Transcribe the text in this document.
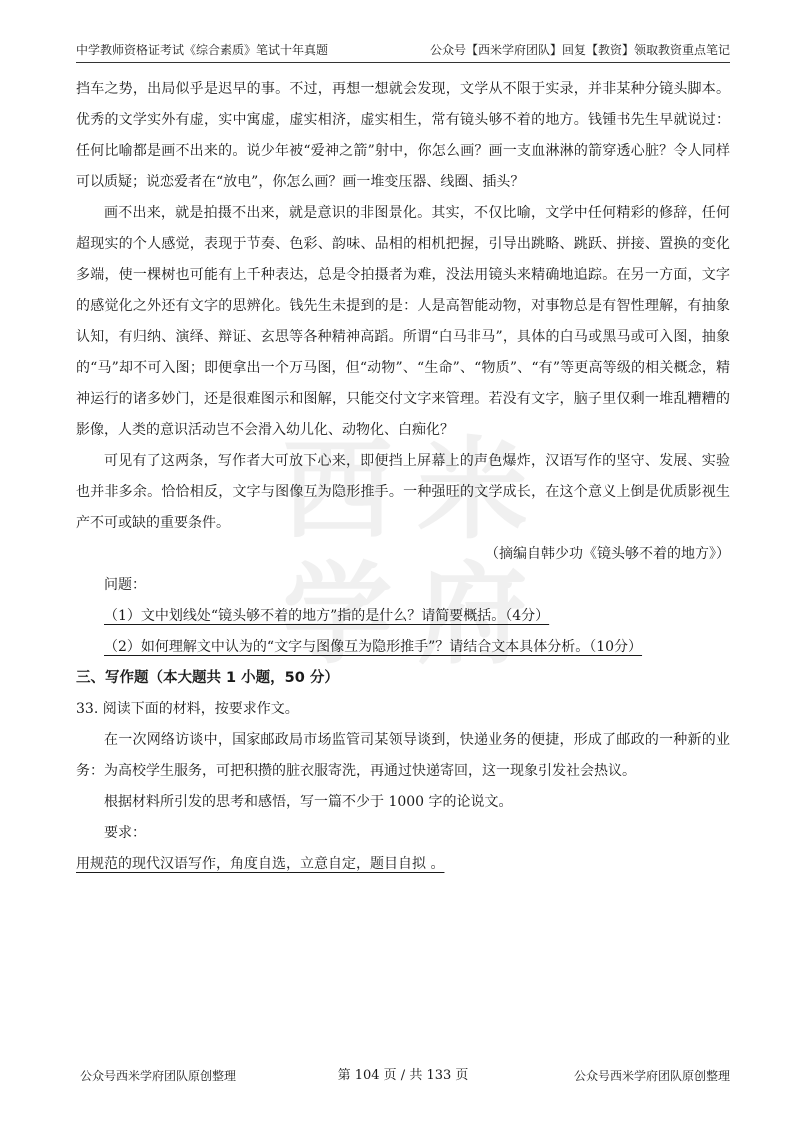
中学教师资格证考试《综合素质》笔试十年真题	公众号【西米学府团队】回复【教资】领取教资重点笔记
西 米
学 府

挡车之势，出局似乎是迟早的事。不过，再想一想就会发现，文学从不限于实录，并非某种分镜头脚本。优秀的文学实外有虚，实中寓虚，虚实相济，虚实相生，常有镜头够不着的地方。钱锺书先生早就说过：任何比喻都是画不出来的。说少年被“爱神之箭”射中，你怎么画？画一支血淋淋的箭穿透心脏？令人同样可以质疑；说恋爱者在“放电”，你怎么画？画一堆变压器、线圈、插头？

画不出来，就是拍摄不出来，就是意识的非图景化。其实，不仅比喻，文学中任何精彩的修辞，任何超现实的个人感觉，表现于节奏、色彩、韵味、品相的相机把握，引导出跳略、跳跃、拼接、置换的变化多端，使一棵树也可能有上千种表达，总是令拍摄者为难，没法用镜头来精确地追踪。在另一方面，文字的感觉化之外还有文字的思辨化。钱先生未提到的是：人是高智能动物，对事物总是有智性理解，有抽象认知，有归纳、演绎、辩证、玄思等各种精神高蹈。所谓“白马非马”，具体的白马或黑马或可入图，抽象的“马”却不可入图；即便拿出一个万马图，但“动物”、“生命”、“物质”、“有”等更高等级的相关概念，精神运行的诸多妙门，还是很难图示和图解，只能交付文字来管理。若没有文字，脑子里仅剩一堆乱糟糟的影像，人类的意识活动岂不会滑入幼儿化、动物化、白痴化？

可见有了这两条，写作者大可放下心来，即便挡上屏幕上的声色爆炸，汉语写作的坚守、发展、实验也并非多余。恰恰相反，文字与图像互为隐形推手。一种强旺的文学成长，在这个意义上倒是优质影视生产不可或缺的重要条件。

（摘编自韩少功《镜头够不着的地方》）

问题：

（1）文中划线处“镜头够不着的地方”指的是什么？请简要概括。（4分）

（2）如何理解文中认为的“文字与图像互为隐形推手”？请结合文本具体分析。（10分）

三、写作题（本大题共 1 小题，50 分）

33. 阅读下面的材料，按要求作文。

在一次网络访谈中，国家邮政局市场监管司某领导谈到，快递业务的便捷，形成了邮政的一种新的业务：为高校学生服务，可把积攒的脏衣服寄洗，再通过快递寄回，这一现象引发社会热议。

根据材料所引发的思考和感悟，写一篇不少于 1000 字的论说文。

要求：

用规范的现代汉语写作，角度自选，立意自定，题目自拟 。

公众号西米学府团队原创整理	第 104 页 / 共 133 页	公众号西米学府团队原创整理
